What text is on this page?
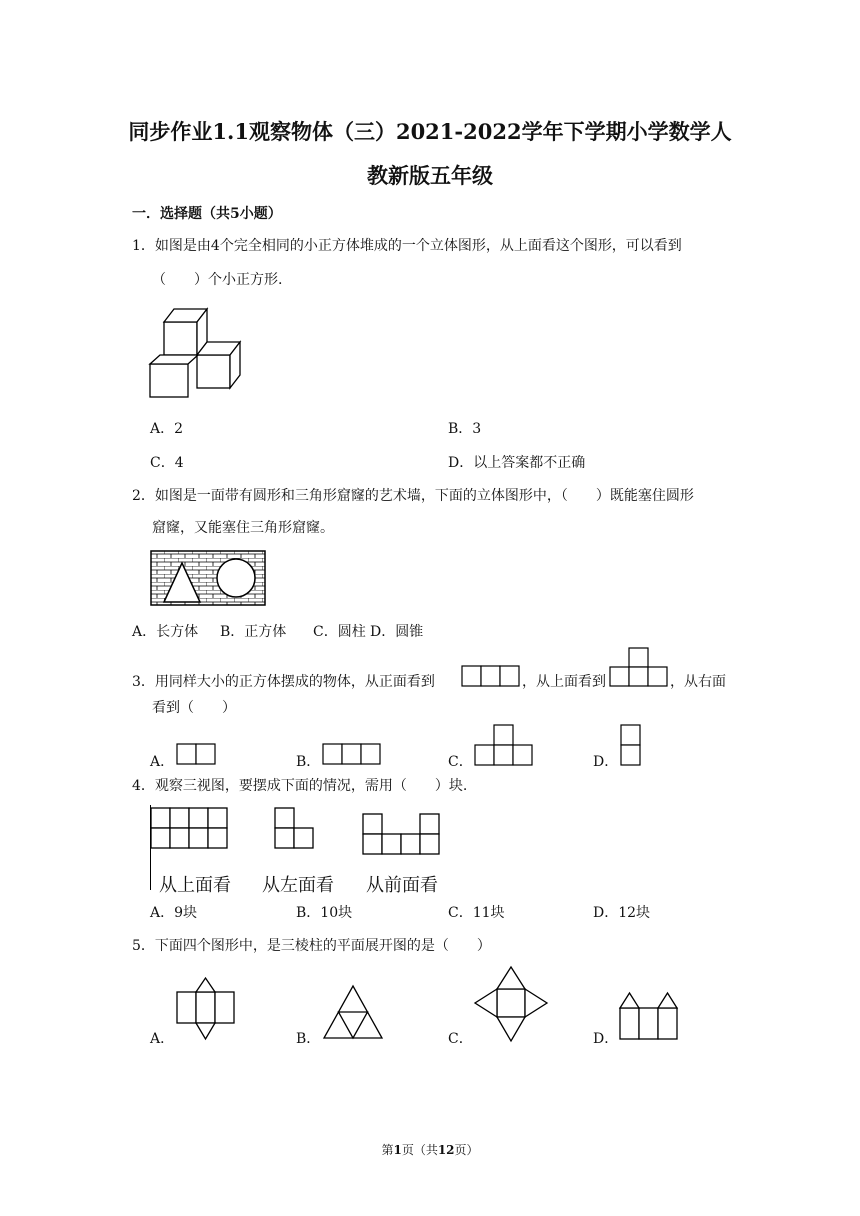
同步作业1.1观察物体（三）2021-2022学年下学期小学数学人
教新版五年级
一．选择题（共5小题）
1．如图是由4个完全相同的小正方体堆成的一个立体图形，从上面看这个图形，可以看到
（　　）个小正方形.
A．2	B．3
C．4	D．以上答案都不正确
2．如图是一面带有圆形和三角形窟窿的艺术墙，下面的立体图形中，（　　）既能塞住圆形
窟窿，又能塞住三角形窟窿。
A．长方体 B．正方体 C．圆柱 D．圆锥
3．用同样大小的正方体摆成的物体，从正面看到	，从上面看到	，从右面
看到（　　）
A．	B．	C．	D．
4．观察三视图，要摆成下面的情况，需用（　　）块.
从上面看 从左面看 从前面看
A．9块	B．10块	C．11块	D．12块
5．下面四个图形中，是三棱柱的平面展开图的是（　　）
A．	B．	C．	D．
第1页（共12页）
